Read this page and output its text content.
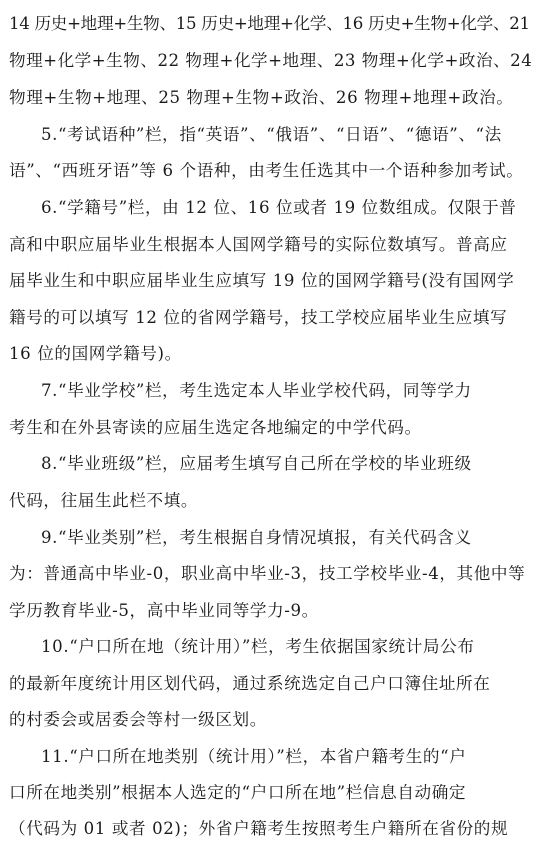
14 历史+地理+生物、15 历史+地理+化学、16 历史+生物+化学、21
物理+化学+生物、22 物理+化学+地理、23 物理+化学+政治、24
物理+生物+地理、25 物理+生物+政治、26 物理+地理+政治。
5.“考试语种”栏，指“英语”、“俄语”、“日语”、“德语”、“法
语”、“西班牙语”等 6 个语种，由考生任选其中一个语种参加考试。
6.“学籍号”栏，由 12 位、16 位或者 19 位数组成。仅限于普
高和中职应届毕业生根据本人国网学籍号的实际位数填写。普高应
届毕业生和中职应届毕业生应填写 19 位的国网学籍号(没有国网学
籍号的可以填写 12 位的省网学籍号，技工学校应届毕业生应填写
16 位的国网学籍号)。
7.“毕业学校”栏，考生选定本人毕业学校代码，同等学力
考生和在外县寄读的应届生选定各地编定的中学代码。
8.“毕业班级”栏，应届考生填写自己所在学校的毕业班级
代码，往届生此栏不填。
9.“毕业类别”栏，考生根据自身情况填报，有关代码含义
为：普通高中毕业-0，职业高中毕业-3，技工学校毕业-4，其他中等
学历教育毕业-5，高中毕业同等学力-9。
10.“户口所在地（统计用）”栏，考生依据国家统计局公布
的最新年度统计用区划代码，通过系统选定自己户口簿住址所在
的村委会或居委会等村一级区划。
11.“户口所在地类别（统计用）”栏，本省户籍考生的“户
口所在地类别”根据本人选定的“户口所在地”栏信息自动确定
（代码为 01 或者 02)；外省户籍考生按照考生户籍所在省份的规
